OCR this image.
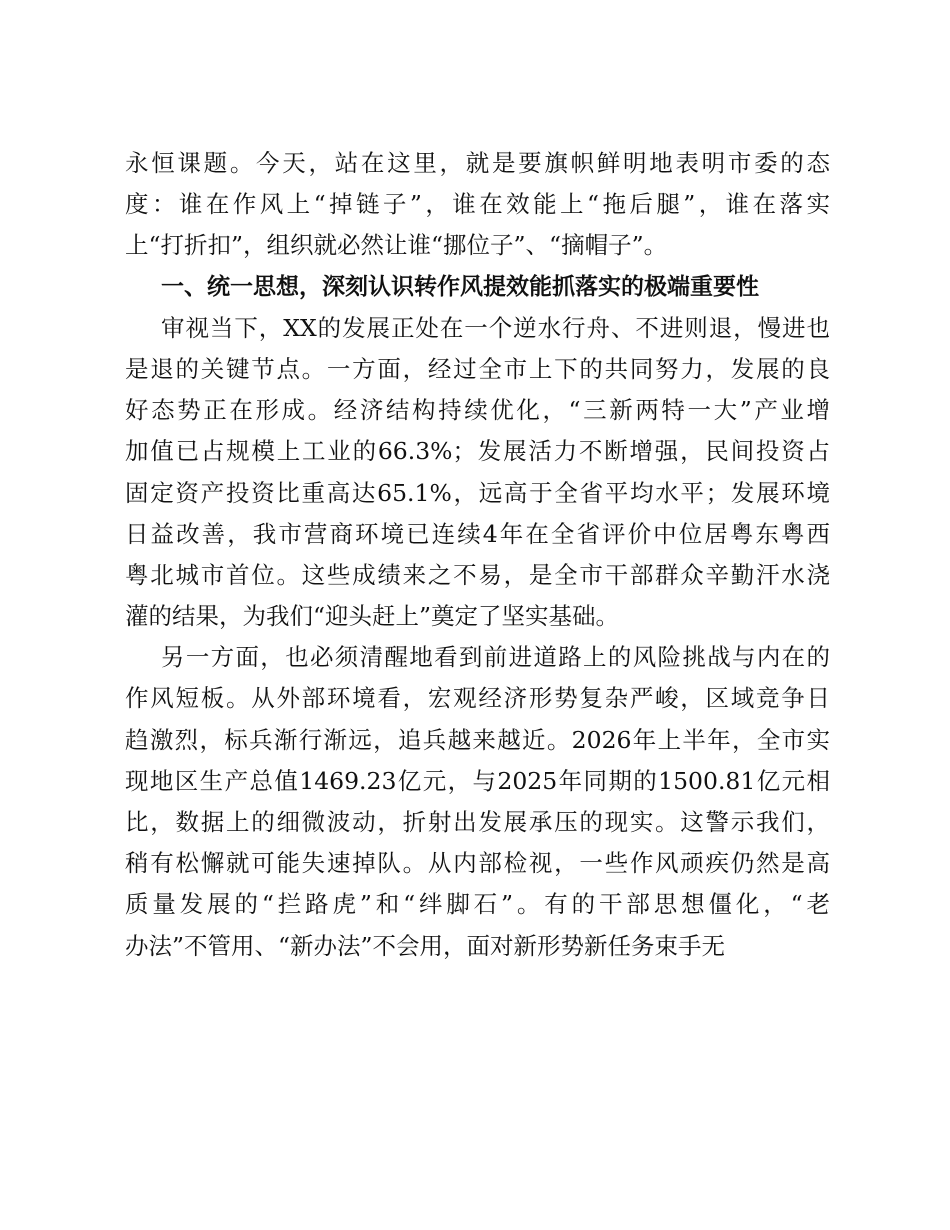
永恒课题。今天，站在这里，就是要旗帜鲜明地表明市委的态
度：谁在作风上“掉链子”，谁在效能上“拖后腿”，谁在落实
上“打折扣”，组织就必然让谁“挪位子”、“摘帽子”。
一、统一思想，深刻认识转作风提效能抓落实的极端重要性
审视当下，XX的发展正处在一个逆水行舟、不进则退，慢进也
是退的关键节点。一方面，经过全市上下的共同努力，发展的良
好态势正在形成。经济结构持续优化，“三新两特一大”产业增
加值已占规模上工业的66.3%；发展活力不断增强，民间投资占
固定资产投资比重高达65.1%，远高于全省平均水平；发展环境
日益改善，我市营商环境已连续4年在全省评价中位居粤东粤西
粤北城市首位。这些成绩来之不易，是全市干部群众辛勤汗水浇
灌的结果，为我们“迎头赶上”奠定了坚实基础。
另一方面，也必须清醒地看到前进道路上的风险挑战与内在的
作风短板。从外部环境看，宏观经济形势复杂严峻，区域竞争日
趋激烈，标兵渐行渐远，追兵越来越近。2026年上半年，全市实
现地区生产总值1469.23亿元，与2025年同期的1500.81亿元相
比，数据上的细微波动，折射出发展承压的现实。这警示我们，
稍有松懈就可能失速掉队。从内部检视，一些作风顽疾仍然是高
质量发展的“拦路虎”和“绊脚石”。有的干部思想僵化，“老
办法”不管用、“新办法”不会用，面对新形势新任务束手无
